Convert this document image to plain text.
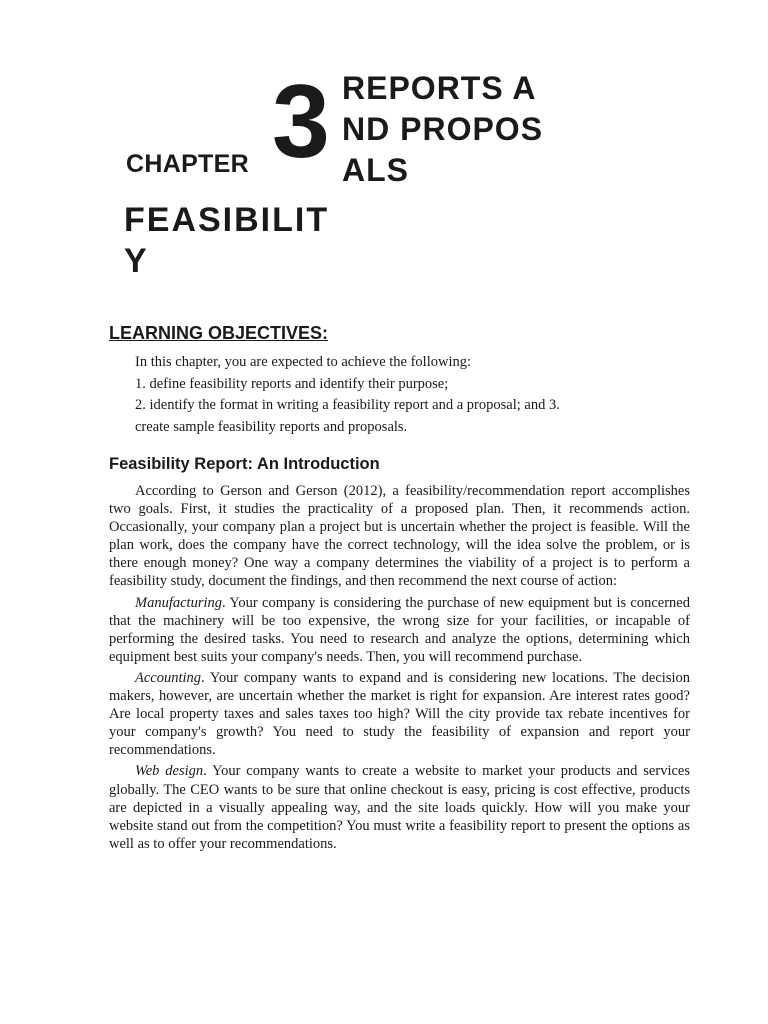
CHAPTER 3 REPORTS AND PROPOSALS
FEASIBILITY
LEARNING OBJECTIVES:
In this chapter, you are expected to achieve the following:
1. define feasibility reports and identify their purpose;
2. identify the format in writing a feasibility report and a proposal; and 3.
create sample feasibility reports and proposals.
Feasibility Report: An Introduction

According to Gerson and Gerson (2012), a feasibility/recommendation report accomplishes two goals. First, it studies the practicality of a proposed plan. Then, it recommends action. Occasionally, your company plan a project but is uncertain whether the project is feasible. Will the plan work, does the company have the correct technology, will the idea solve the problem, or is there enough money? One way a company determines the viability of a project is to perform a feasibility study, document the findings, and then recommend the next course of action:

Manufacturing. Your company is considering the purchase of new equipment but is concerned that the machinery will be too expensive, the wrong size for your facilities, or incapable of performing the desired tasks. You need to research and analyze the options, determining which equipment best suits your company's needs. Then, you will recommend purchase.

Accounting. Your company wants to expand and is considering new locations. The decision makers, however, are uncertain whether the market is right for expansion. Are interest rates good? Are local property taxes and sales taxes too high? Will the city provide tax rebate incentives for your company's growth? You need to study the feasibility of expansion and report your recommendations.

Web design. Your company wants to create a website to market your products and services globally. The CEO wants to be sure that online checkout is easy, pricing is cost effective, products are depicted in a visually appealing way, and the site loads quickly. How will you make your website stand out from the competition? You must write a feasibility report to present the options as well as to offer your recommendations.
